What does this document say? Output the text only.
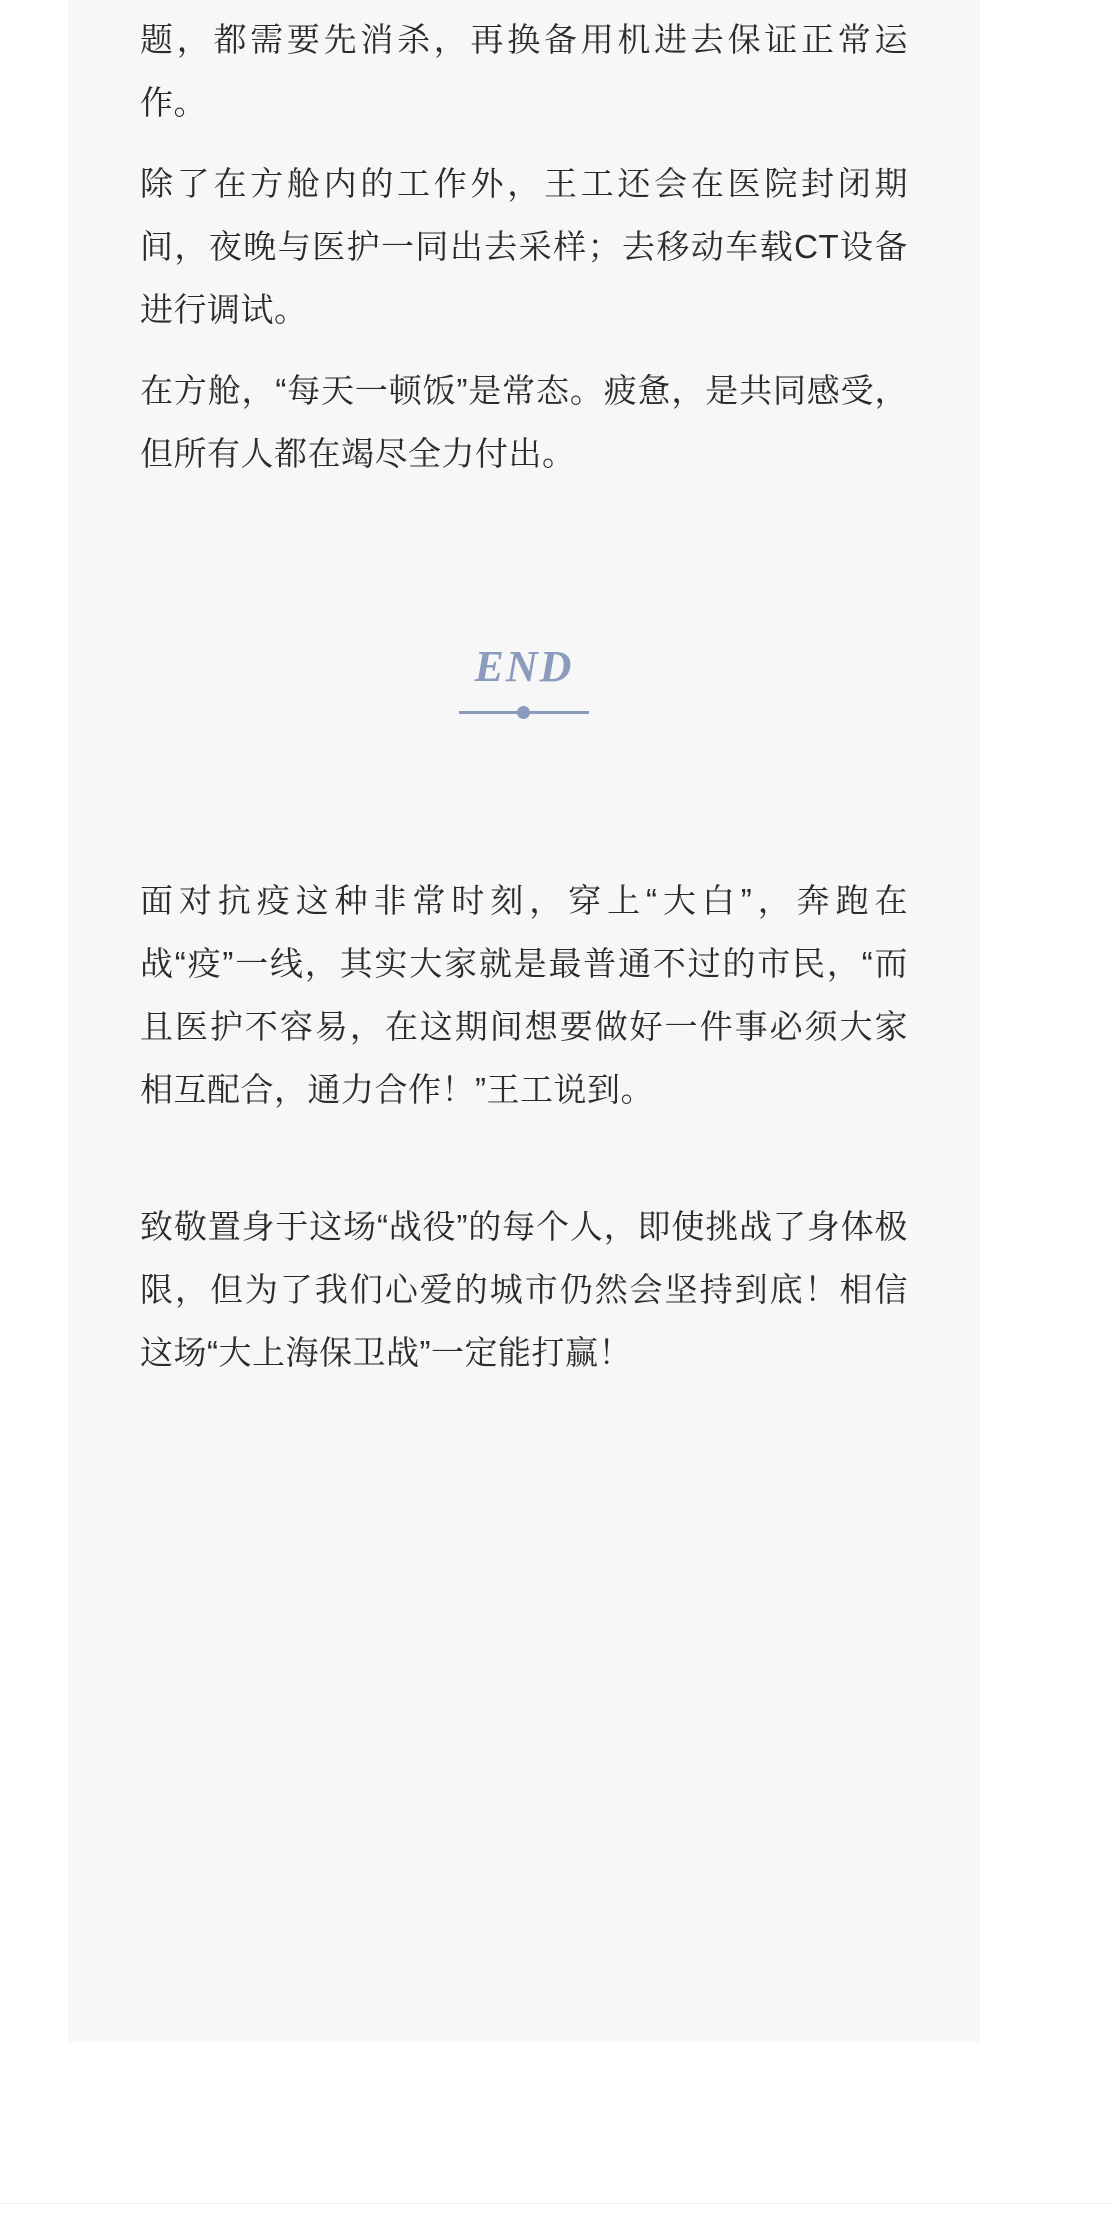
题，都需要先消杀，再换备用机进去保证正常运作。

除了在方舱内的工作外，王工还会在医院封闭期间，夜晚与医护一同出去采样；去移动车载CT设备进行调试。

在方舱，“每天一顿饭”是常态。疲惫，是共同感受，但所有人都在竭尽全力付出。

END

面对抗疫这种非常时刻，穿上“大白”，奔跑在战“疫”一线，其实大家就是最普通不过的市民，“而且医护不容易，在这期间想要做好一件事必须大家相互配合，通力合作！”王工说到。

致敬置身于这场“战役”的每个人，即使挑战了身体极限，但为了我们心爱的城市仍然会坚持到底！相信这场“大上海保卫战”一定能打赢！
